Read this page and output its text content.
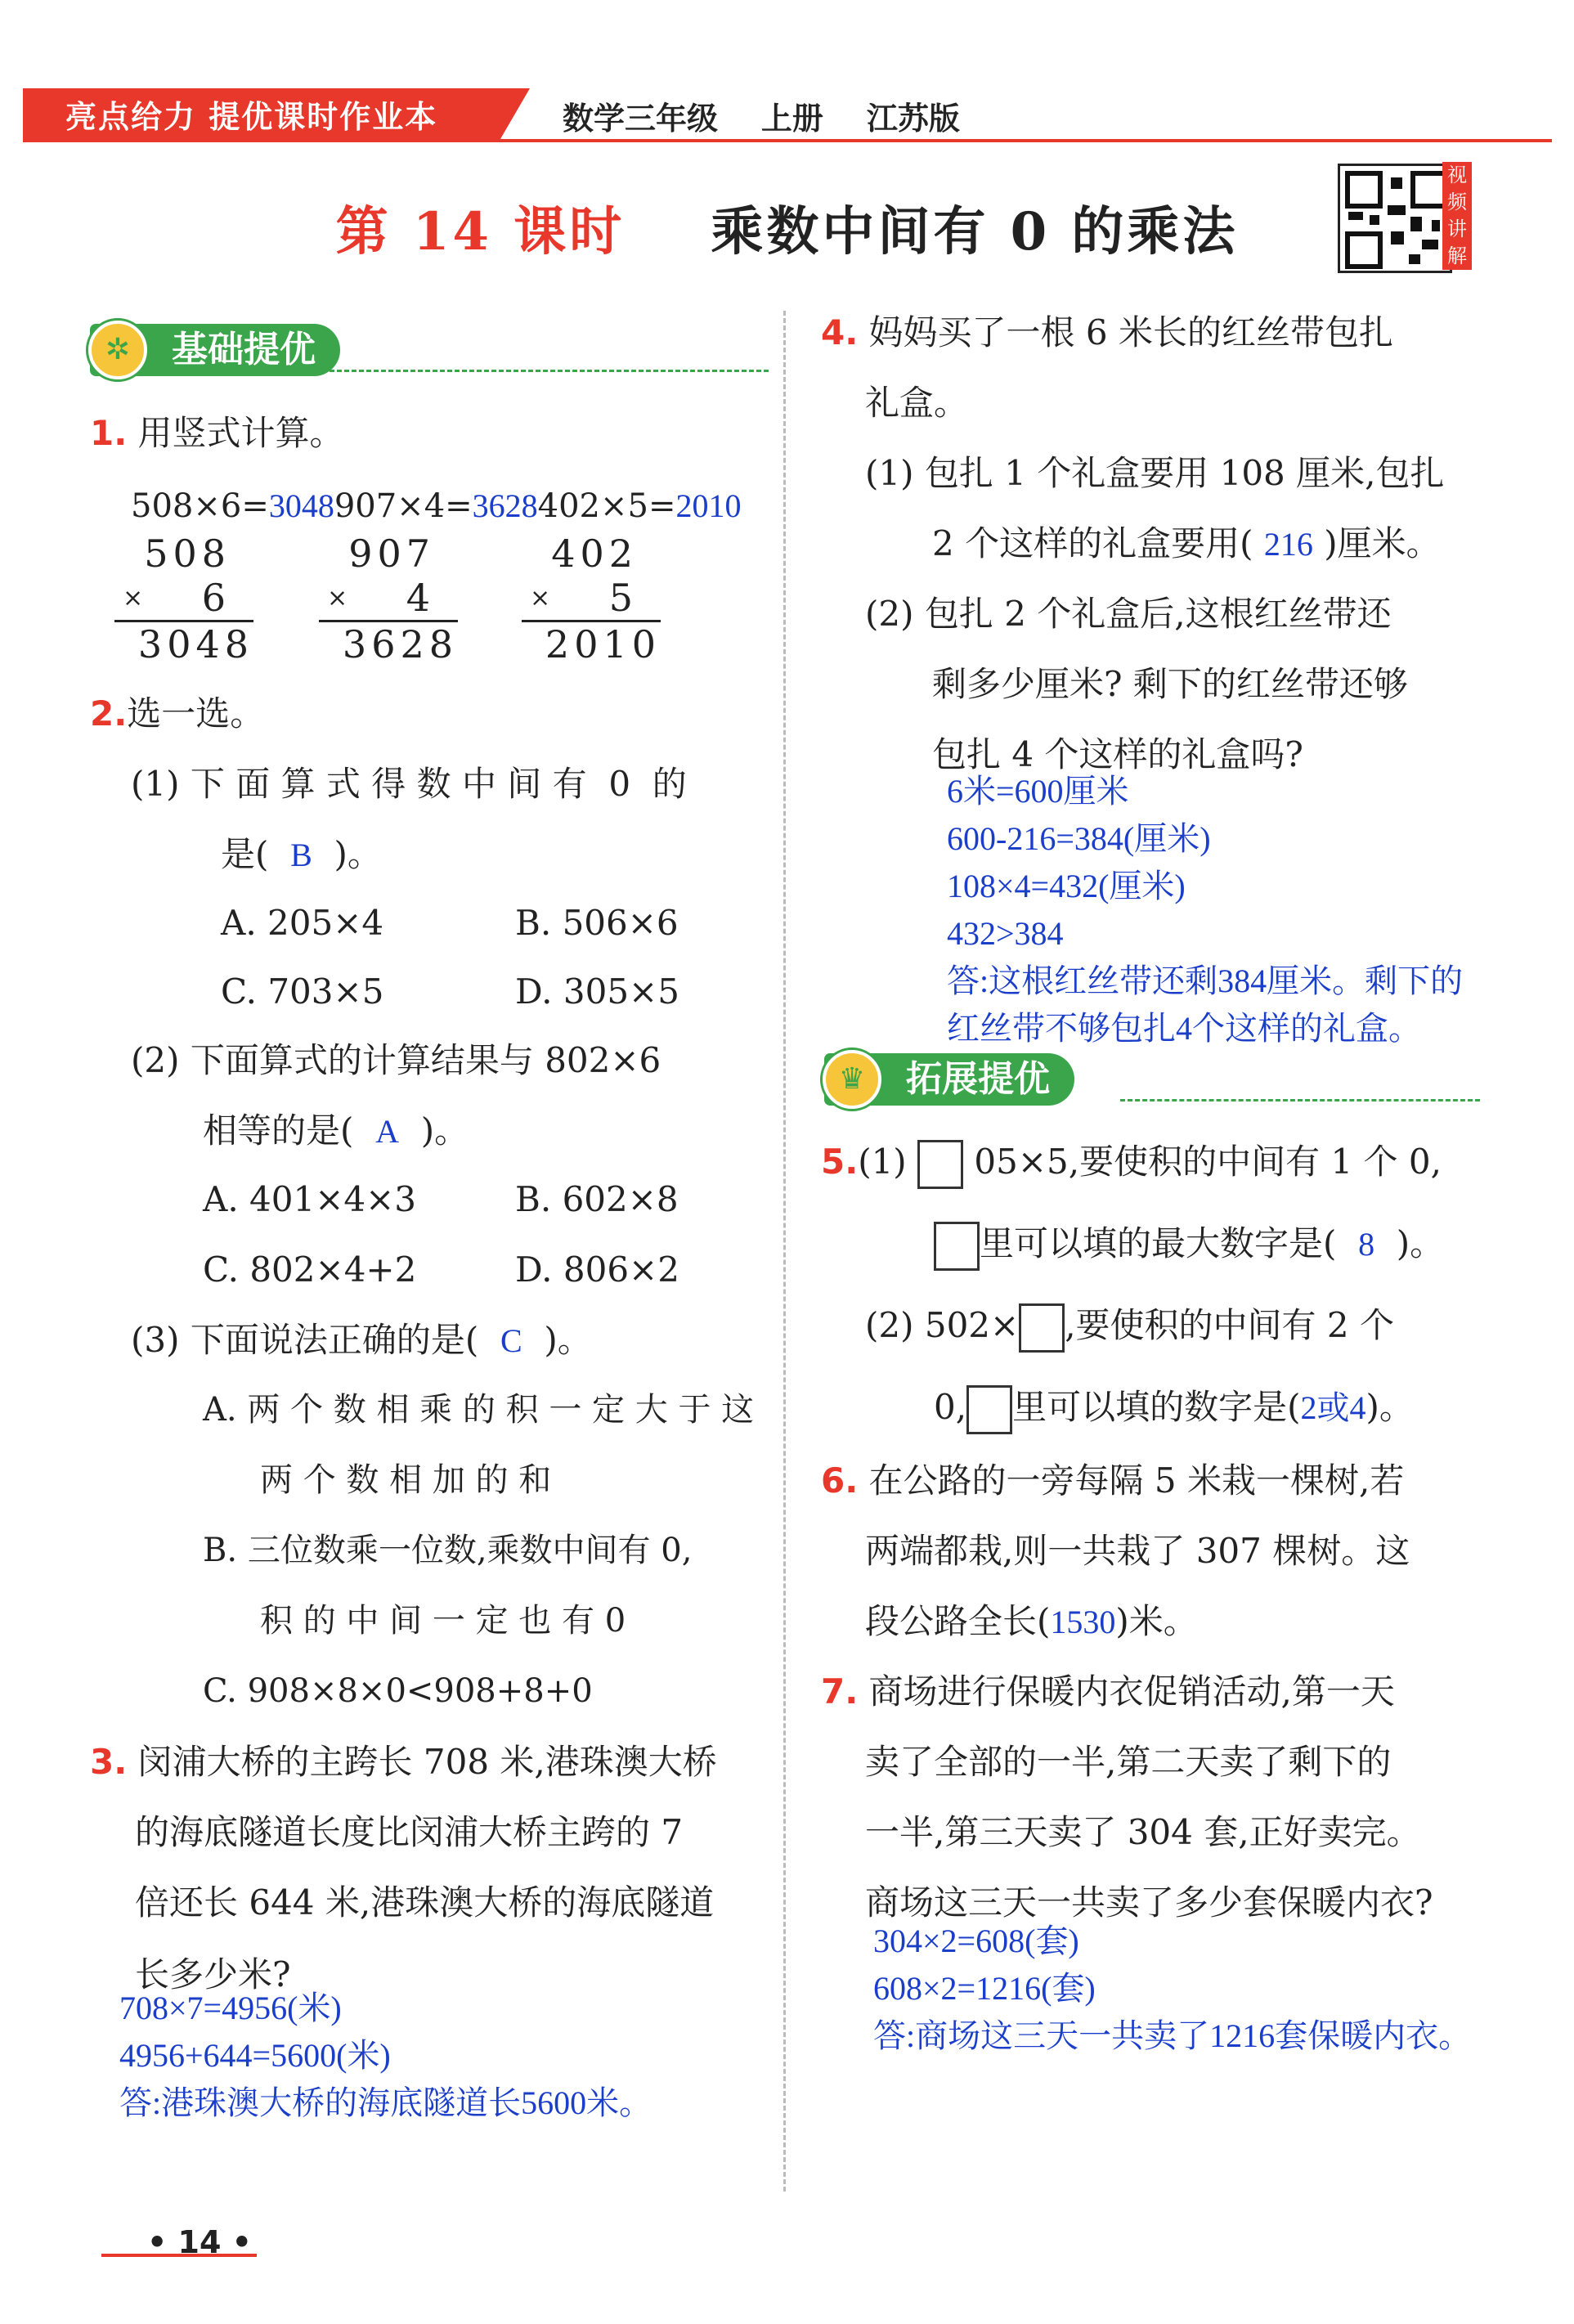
亮点给力 提优课时作业本	数学三年级    上册    江苏版
第 14 课时 乘数中间有 0 的乘法
视频讲解
基础提优
✲
1. 用竖式计算。
508×6=3048907×4=3628402×5=2010
508
× 6
3048
907
× 4
3628
402
× 5
2010
2.选一选。
(1) 下 面 算 式 得 数 中 间 有  0  的
是( B )。
A. 205×4	B. 506×6
C. 703×5	D. 305×5
(2) 下面算式的计算结果与 802×6
相等的是( A )。
A. 401×4×3	B. 602×8
C. 802×4+2	D. 806×2
(3) 下面说法正确的是( C )。
A. 两 个 数 相 乘 的 积 一 定 大 于 这
两 个 数 相 加 的 和
B. 三位数乘一位数,乘数中间有 0,
积 的 中 间 一 定 也 有 0
C. 908×8×0<908+8+0
3. 闵浦大桥的主跨长 708 米,港珠澳大桥
的海底隧道长度比闵浦大桥主跨的 7
倍还长 644 米,港珠澳大桥的海底隧道
长多少米?
708×7=4956(米)
4956+644=5600(米)
答:港珠澳大桥的海底隧道长5600米。
4. 妈妈买了一根 6 米长的红丝带包扎
礼盒。
(1) 包扎 1 个礼盒要用 108 厘米,包扎
2 个这样的礼盒要用( 216 )厘米。
(2) 包扎 2 个礼盒后,这根红丝带还
剩多少厘米? 剩下的红丝带还够
包扎 4 个这样的礼盒吗?
6米=600厘米
600-216=384(厘米)
108×4=432(厘米)
432>384
答:这根红丝带还剩384厘米。剩下的
红丝带不够包扎4个这样的礼盒。
拓展提优
♛
5.(1) 05×5,要使积的中间有 1 个 0,
里可以填的最大数字是( 8 )。
(2) 502× ,要使积的中间有 2 个
0, 里可以填的数字是(2或4)。
6. 在公路的一旁每隔 5 米栽一棵树,若
两端都栽,则一共栽了 307 棵树。这
段公路全长(1530)米。
7. 商场进行保暖内衣促销活动,第一天
卖了全部的一半,第二天卖了剩下的
一半,第三天卖了 304 套,正好卖完。
商场这三天一共卖了多少套保暖内衣?
304×2=608(套)
608×2=1216(套)
答:商场这三天一共卖了1216套保暖内衣。
• 14 •
